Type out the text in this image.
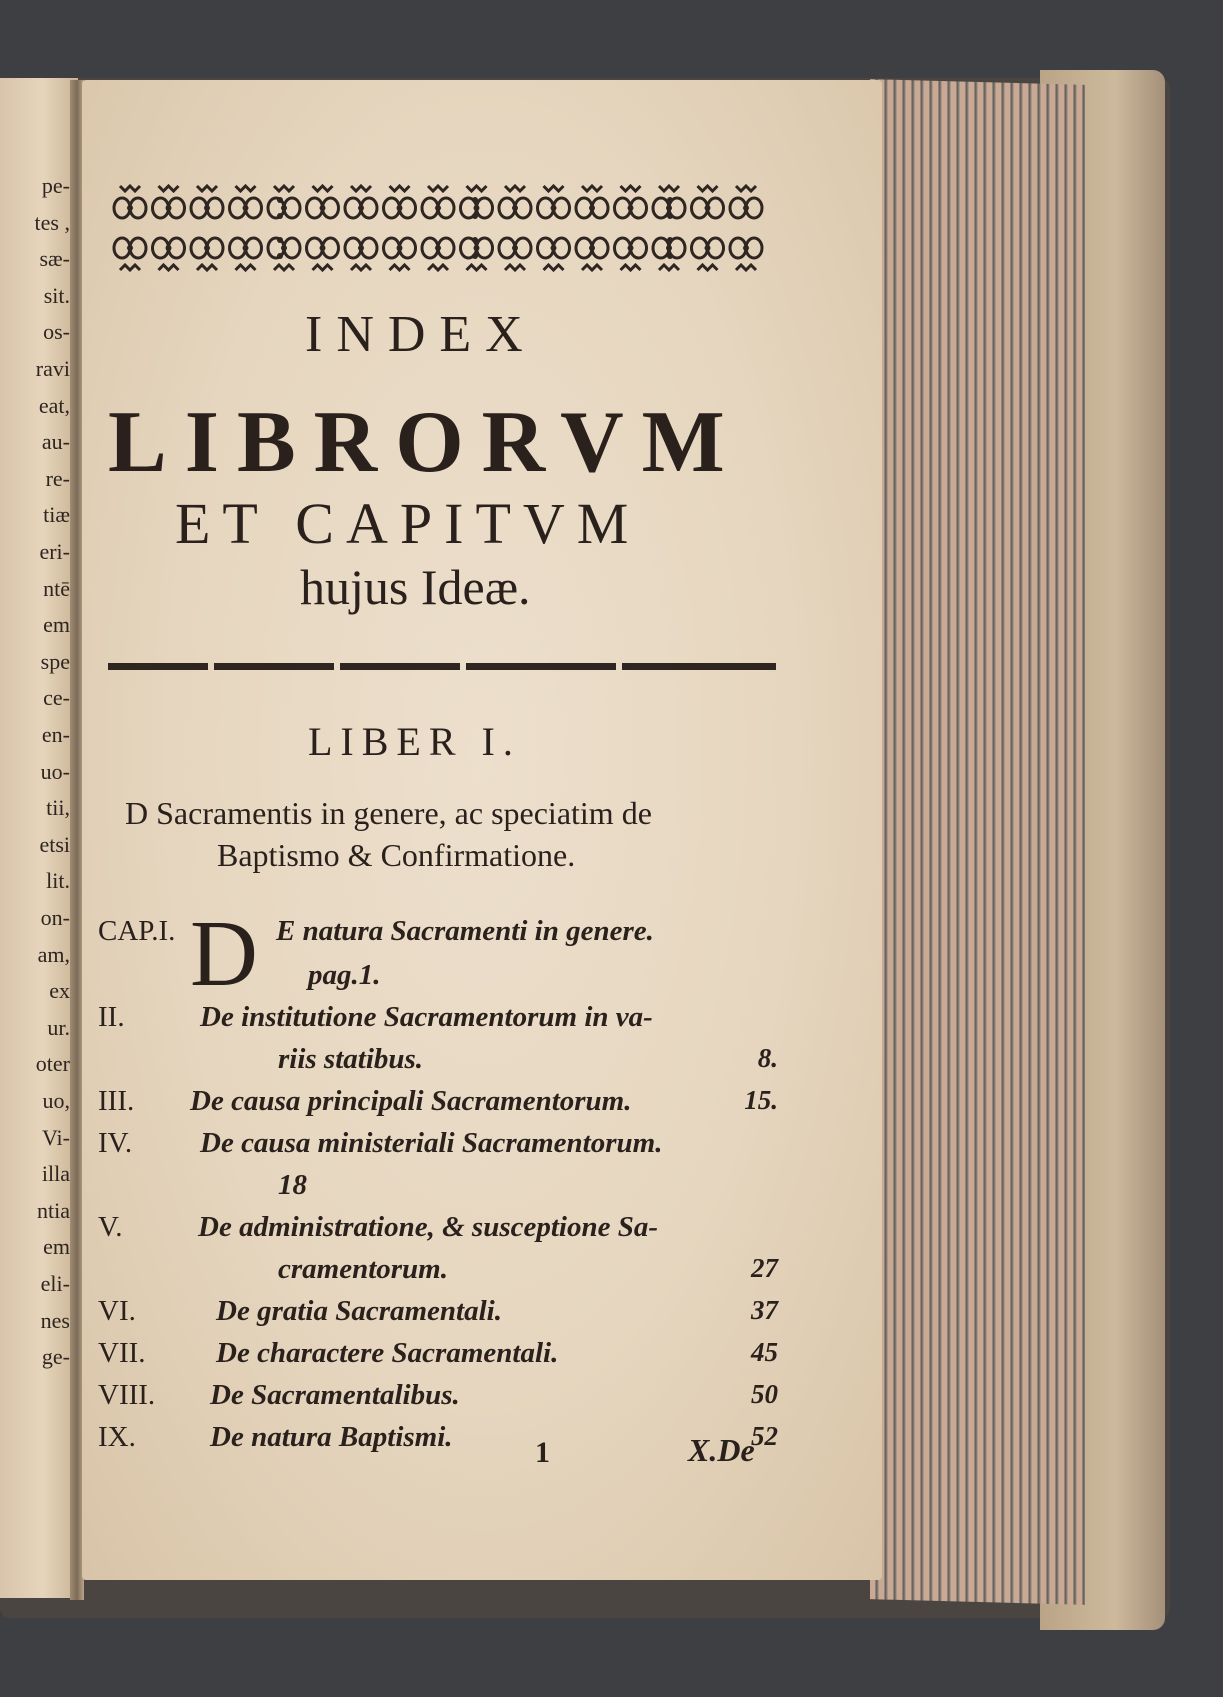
pe-
tes ,
sæ-
sit.
os-
ravi
eat,
au-
re-
tiæ
eri-
ntē
em
spe
ce-
en-
uo-
tii,
etsi
lit.
on-
am,
ex
ur.
oter
uo,
Vi-
illa
ntia
em
eli-
nes
ge-
INDEX
LIBRORVM
ET CAPITVM
hujus Ideæ.
LIBER I.
D Sacramentis in genere, ac speciatim de
Baptismo & Confirmatione.
CAP.I. D E natura Sacramenti in genere.
pag.1.
II.	De institutione Sacramentorum in va-
riis statibus.	8.
III. De causa principali Sacramentorum.	15.
IV. De causa ministeriali Sacramentorum.
18
V.	De administratione, & susceptione Sa-
cramentorum.	27
VI.	De gratia Sacramentali.	37
VII. De charactere Sacramentali.	45
VIII. De Sacramentalibus.	50
IX.	De natura Baptismi.	52
1	X.De
